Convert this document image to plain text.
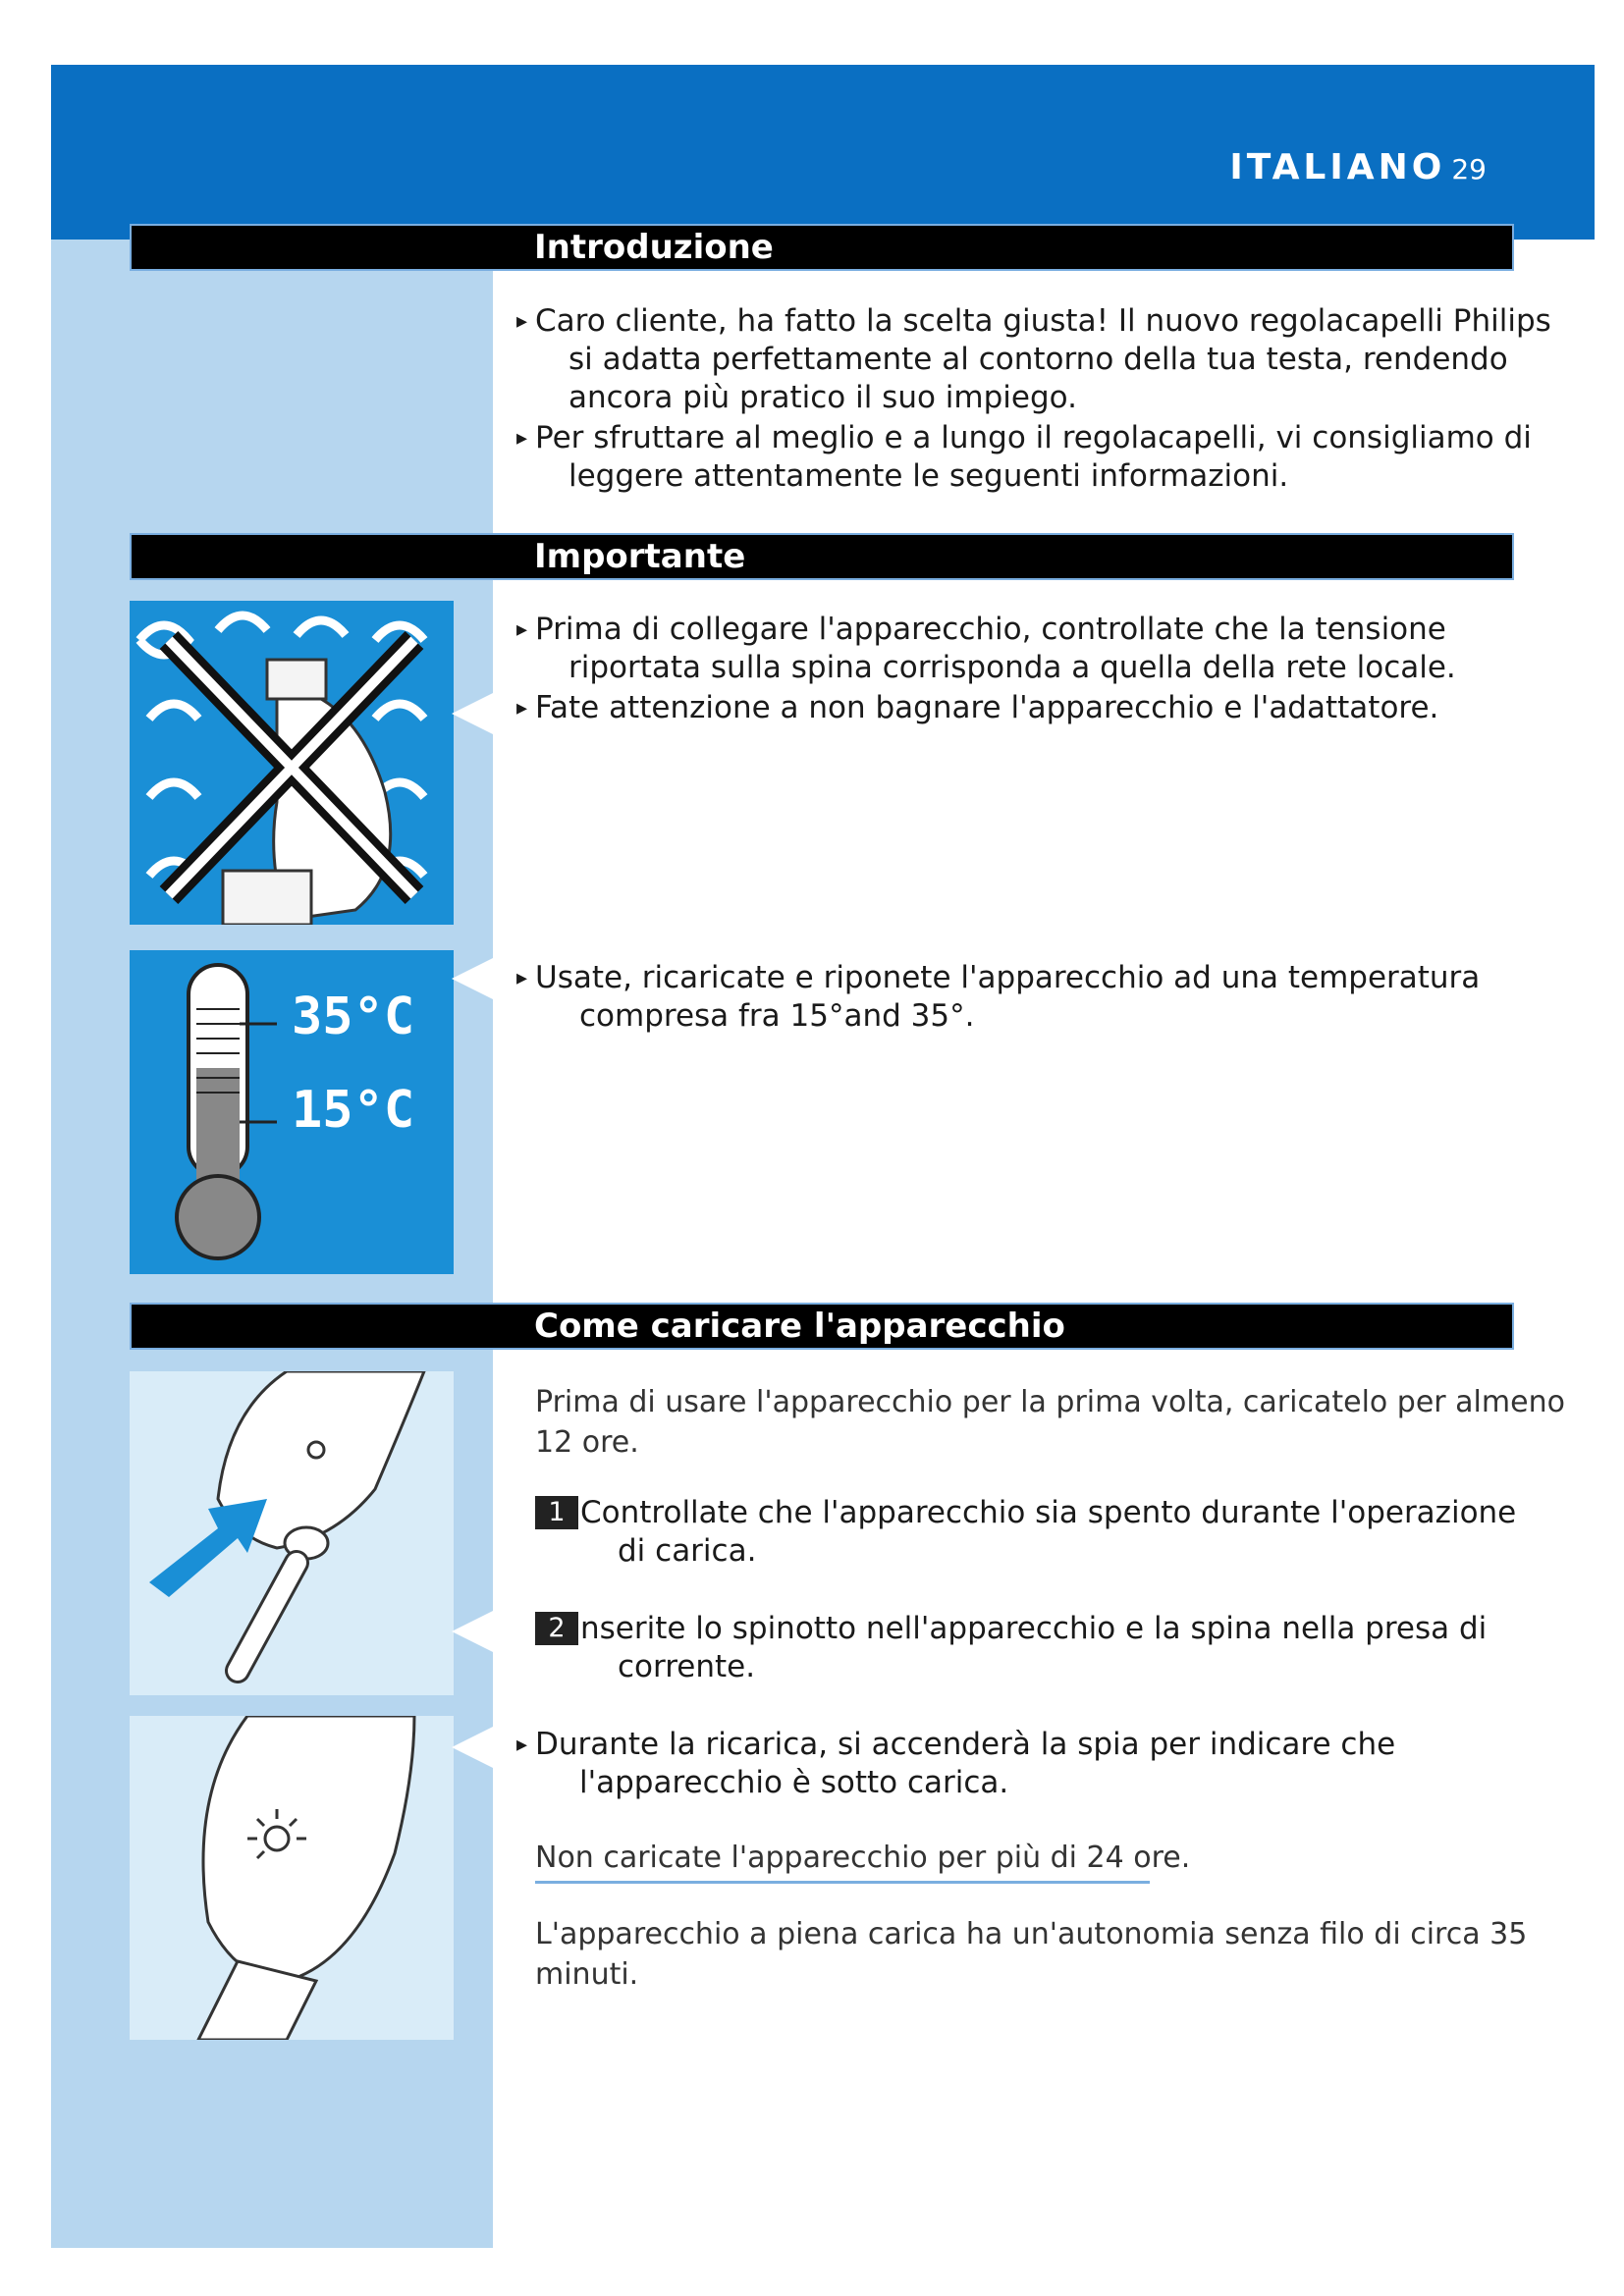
ITALIANO 29
Introduzione
▸ Caro cliente, ha fatto la scelta giusta! Il nuovo regolacapelli Philips
si adatta perfettamente al contorno della tua testa, rendendo
ancora più pratico il suo impiego.
▸ Per sfruttare al meglio e a lungo il regolacapelli, vi consigliamo di
leggere attentamente le seguenti informazioni.
Importante
▸ Prima di collegare l'apparecchio, controllate che la tensione
riportata sulla spina corrisponda a quella della rete locale.
▸ Fate attenzione a non bagnare l'apparecchio e l'adattatore.
35°C
15°C
▸ Usate, ricaricate e riponete l'apparecchio ad una temperatura
compresa fra 15°and 35°.
Come caricare l'apparecchio
Prima di usare l'apparecchio per la prima volta, caricatelo per almeno
12 ore.
1 Controllate che l'apparecchio sia spento durante l'operazione
di carica.
2 nserite lo spinotto nell'apparecchio e la spina nella presa di
corrente.
▸ Durante la ricarica, si accenderà la spia per indicare che
l'apparecchio è sotto carica.
Non caricate l'apparecchio per più di 24 ore.
L'apparecchio a piena carica ha un'autonomia senza filo di circa 35 minuti.
